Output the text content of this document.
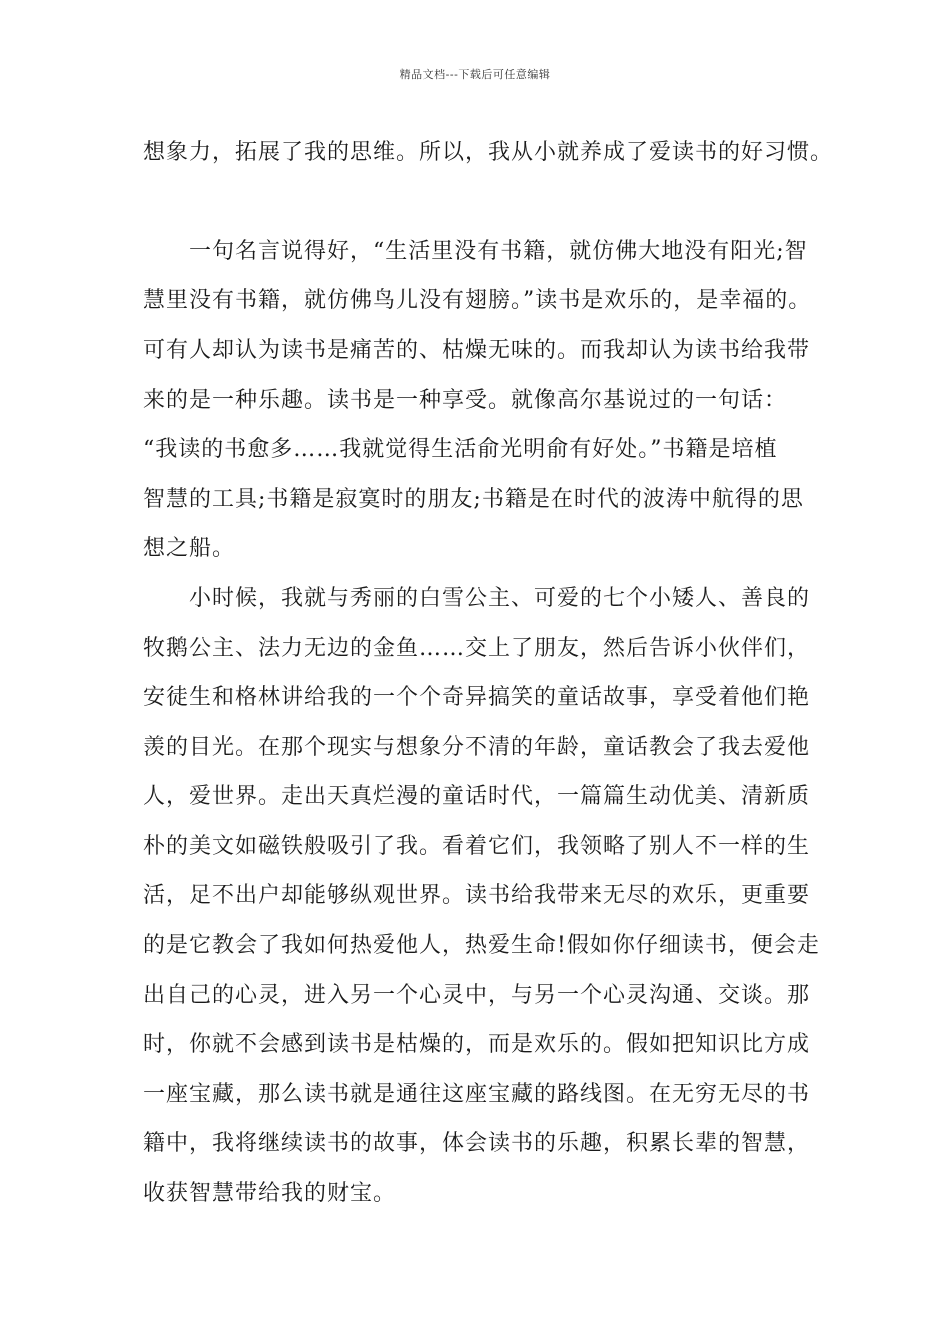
精品文档---下载后可任意编辑
想象力，拓展了我的思维。所以，我从小就养成了爱读书的好习惯。
　　一句名言说得好，“生活里没有书籍，就仿佛大地没有阳光;智
慧里没有书籍，就仿佛鸟儿没有翅膀。”读书是欢乐的，是幸福的。
可有人却认为读书是痛苦的、枯燥无味的。而我却认为读书给我带
来的是一种乐趣。读书是一种享受。就像高尔基说过的一句话：
“我读的书愈多……我就觉得生活俞光明俞有好处。”书籍是培植
智慧的工具;书籍是寂寞时的朋友;书籍是在时代的波涛中航得的思
想之船。
　　小时候，我就与秀丽的白雪公主、可爱的七个小矮人、善良的
牧鹅公主、法力无边的金鱼……交上了朋友，然后告诉小伙伴们，
安徒生和格林讲给我的一个个奇异搞笑的童话故事，享受着他们艳
羡的目光。在那个现实与想象分不清的年龄，童话教会了我去爱他
人，爱世界。走出天真烂漫的童话时代，一篇篇生动优美、清新质
朴的美文如磁铁般吸引了我。看着它们，我领略了别人不一样的生
活，足不出户却能够纵观世界。读书给我带来无尽的欢乐，更重要
的是它教会了我如何热爱他人，热爱生命!假如你仔细读书，便会走
出自己的心灵，进入另一个心灵中，与另一个心灵沟通、交谈。那
时，你就不会感到读书是枯燥的，而是欢乐的。假如把知识比方成
一座宝藏，那么读书就是通往这座宝藏的路线图。在无穷无尽的书
籍中，我将继续读书的故事，体会读书的乐趣，积累长辈的智慧，
收获智慧带给我的财宝。
